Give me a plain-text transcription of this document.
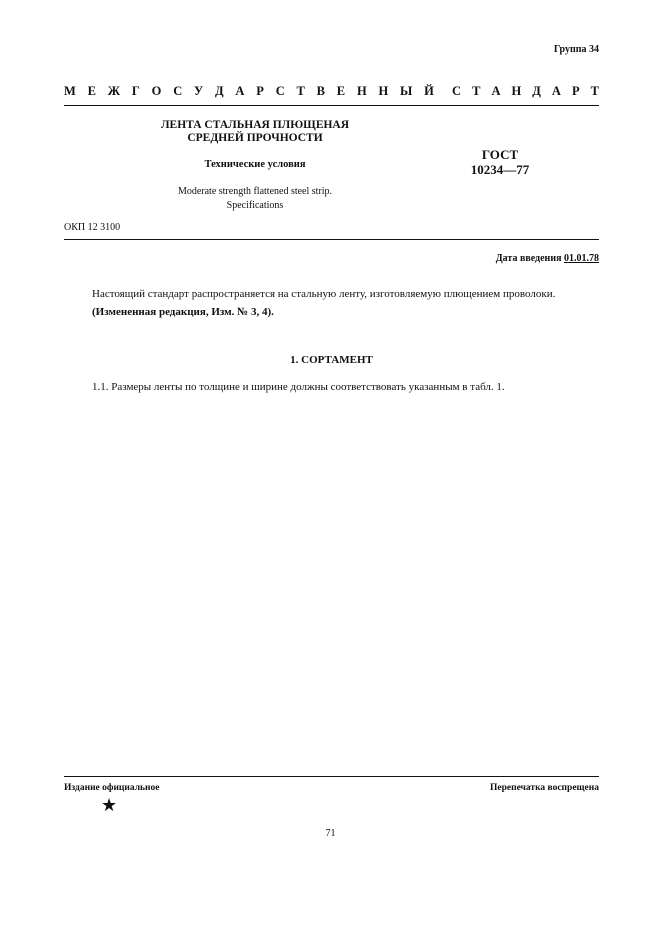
Группа 34
М Е Ж Г О С У Д А Р С Т В Е Н Н Ы Й С Т А Н Д А Р Т
ЛЕНТА СТАЛЬНАЯ ПЛЮЩЕНАЯ
СРЕДНЕЙ ПРОЧНОСТИ
Технические условия
Moderate strength flattened steel strip.
Specifications
ГОСТ
10234—77
ОКП 12 3100
Дата введения 01.01.78

Настоящий стандарт распространяется на стальную ленту, изготовляемую плющением проволоки.

(Измененная редакция, Изм. № 3, 4).

1. СОРТАМЕНТ
1.1. Размеры ленты по толщине и ширине должны соответствовать указанным в табл. 1.
Издание официальное	Перепечатка воспрещена
★
71
